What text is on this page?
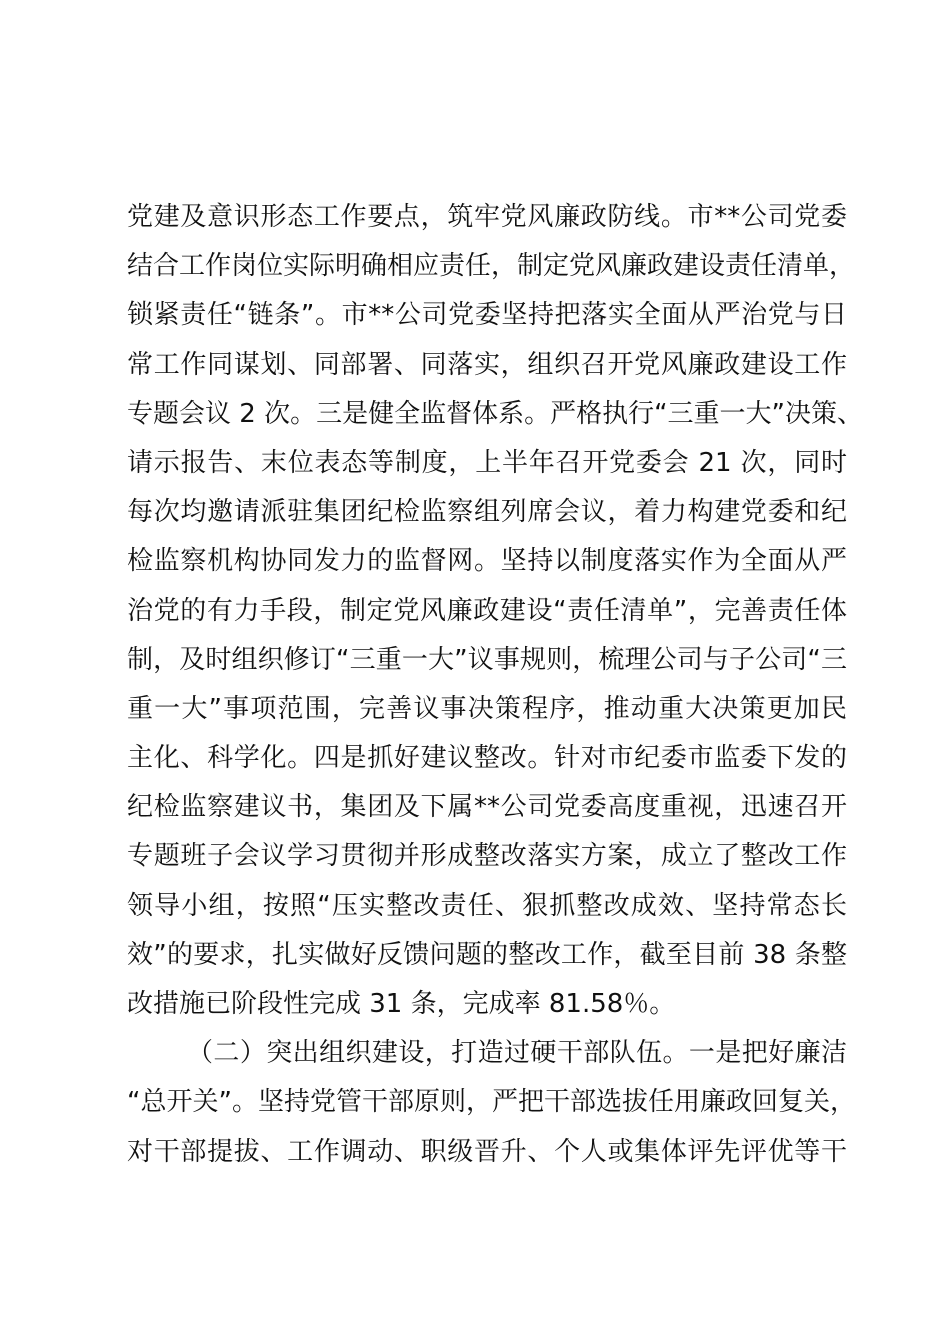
党建及意识形态工作要点，筑牢党风廉政防线。市**公司党委
结合工作岗位实际明确相应责任，制定党风廉政建设责任清单，
锁紧责任“链条”。市**公司党委坚持把落实全面从严治党与日
常工作同谋划、同部署、同落实，组织召开党风廉政建设工作
专题会议 2 次。三是健全监督体系。严格执行“三重一大”决策、
请示报告、末位表态等制度，上半年召开党委会 21 次，同时
每次均邀请派驻集团纪检监察组列席会议，着力构建党委和纪
检监察机构协同发力的监督网。坚持以制度落实作为全面从严
治党的有力手段，制定党风廉政建设“责任清单”，完善责任体
制，及时组织修订“三重一大”议事规则，梳理公司与子公司“三
重一大”事项范围，完善议事决策程序，推动重大决策更加民
主化、科学化。四是抓好建议整改。针对市纪委市监委下发的
纪检监察建议书，集团及下属**公司党委高度重视，迅速召开
专题班子会议学习贯彻并形成整改落实方案，成立了整改工作
领导小组，按照“压实整改责任、狠抓整改成效、坚持常态长
效”的要求，扎实做好反馈问题的整改工作，截至目前 38 条整
改措施已阶段性完成 31 条，完成率 81.58％。
（二）突出组织建设，打造过硬干部队伍。一是把好廉洁
“总开关”。坚持党管干部原则，严把干部选拔任用廉政回复关，
对干部提拔、工作调动、职级晋升、个人或集体评先评优等干
